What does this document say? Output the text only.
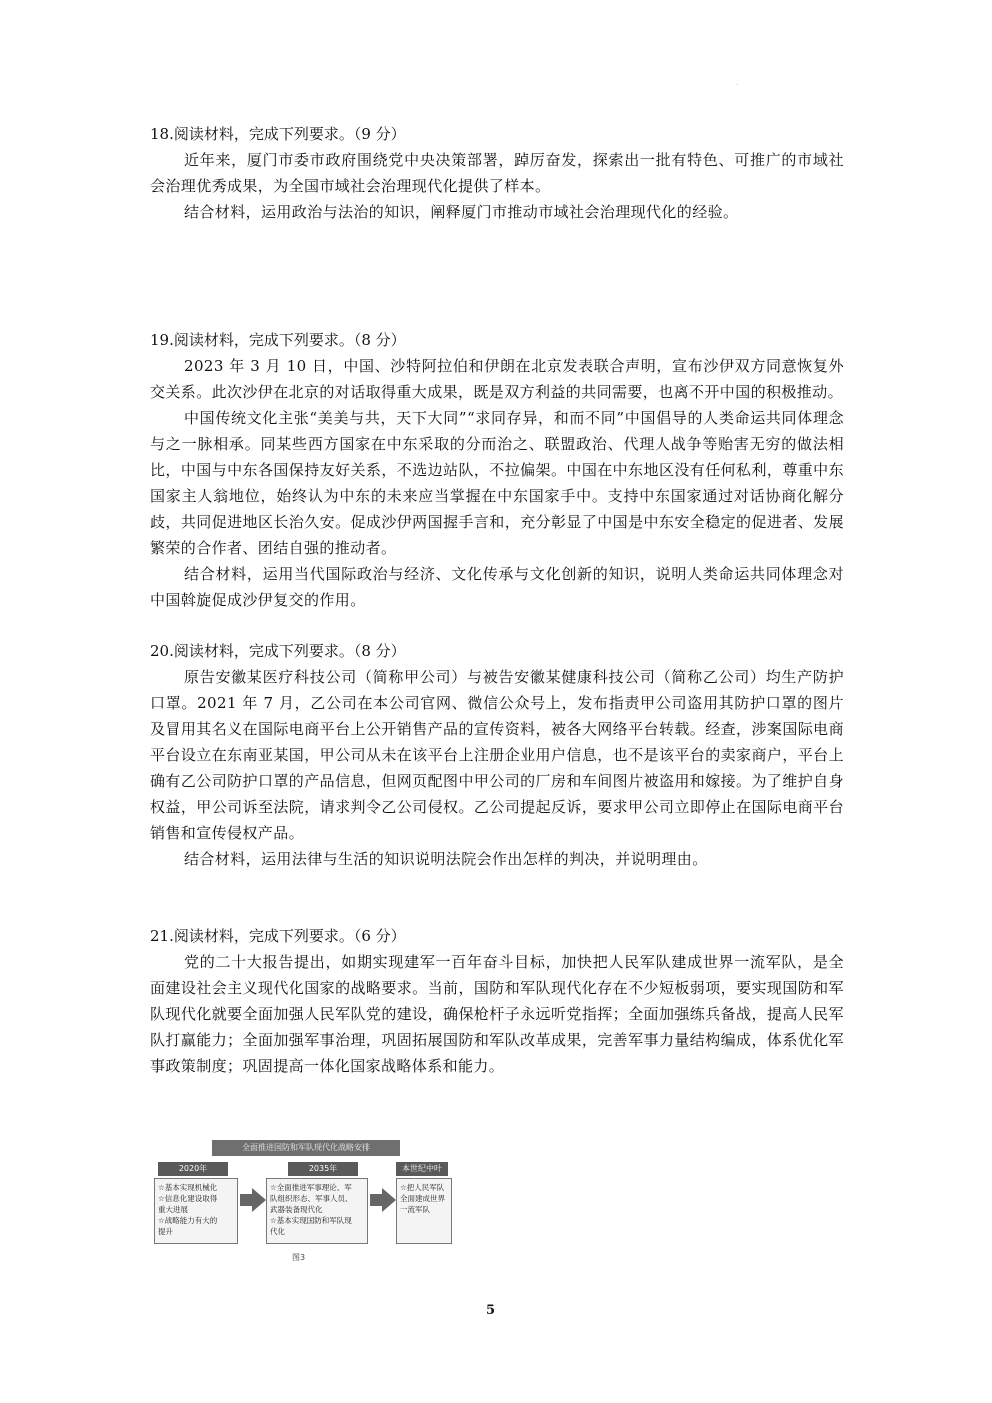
.

18.阅读材料，完成下列要求。（9 分）

近年来，厦门市委市政府围绕党中央决策部署，踔厉奋发，探索出一批有特色、可推广的市域社会治理优秀成果，为全国市域社会治理现代化提供了样本。

结合材料，运用政治与法治的知识，阐释厦门市推动市域社会治理现代化的经验。

19.阅读材料，完成下列要求。（8 分）

2023 年 3 月 10 日，中国、沙特阿拉伯和伊朗在北京发表联合声明，宣布沙伊双方同意恢复外交关系。此次沙伊在北京的对话取得重大成果，既是双方利益的共同需要，也离不开中国的积极推动。

中国传统文化主张“美美与共，天下大同”“求同存异，和而不同”中国倡导的人类命运共同体理念与之一脉相承。同某些西方国家在中东采取的分而治之、联盟政治、代理人战争等贻害无穷的做法相比，中国与中东各国保持友好关系，不选边站队，不拉偏架。中国在中东地区没有任何私利，尊重中东国家主人翁地位，始终认为中东的未来应当掌握在中东国家手中。支持中东国家通过对话协商化解分歧，共同促进地区长治久安。促成沙伊两国握手言和，充分彰显了中国是中东安全稳定的促进者、发展繁荣的合作者、团结自强的推动者。

结合材料，运用当代国际政治与经济、文化传承与文化创新的知识，说明人类命运共同体理念对中国斡旋促成沙伊复交的作用。

20.阅读材料，完成下列要求。（8 分）

原告安徽某医疗科技公司（简称甲公司）与被告安徽某健康科技公司（简称乙公司）均生产防护口罩。2021 年 7 月，乙公司在本公司官网、微信公众号上，发布指责甲公司盗用其防护口罩的图片及冒用其名义在国际电商平台上公开销售产品的宣传资料，被各大网络平台转载。经查，涉案国际电商平台设立在东南亚某国，甲公司从未在该平台上注册企业用户信息，也不是该平台的卖家商户，平台上确有乙公司防护口罩的产品信息，但网页配图中甲公司的厂房和车间图片被盗用和嫁接。为了维护自身权益，甲公司诉至法院，请求判令乙公司侵权。乙公司提起反诉，要求甲公司立即停止在国际电商平台销售和宣传侵权产品。

结合材料，运用法律与生活的知识说明法院会作出怎样的判决，并说明理由。

21.阅读材料，完成下列要求。（6 分）

党的二十大报告提出，如期实现建军一百年奋斗目标，加快把人民军队建成世界一流军队，是全面建设社会主义现代化国家的战略要求。当前，国防和军队现代化存在不少短板弱项，要实现国防和军队现代化就要全面加强人民军队党的建设，确保枪杆子永远听党指挥；全面加强练兵备战，提高人民军队打赢能力；全面加强军事治理，巩固拓展国防和军队改革成果，完善军事力量结构编成，体系优化军事政策制度；巩固提高一体化国家战略体系和能力。

全面推进国防和军队现代化战略安排
2020年
☆基本实现机械化
☆信息化建设取得
重大进展
☆战略能力有大的
提升
2035年
☆全面推进军事理论、军
队组织形态、军事人员、
武器装备现代化
☆基本实现国防和军队现
代化
本世纪中叶
☆把人民军队
全面建成世界
一流军队
图3
5
